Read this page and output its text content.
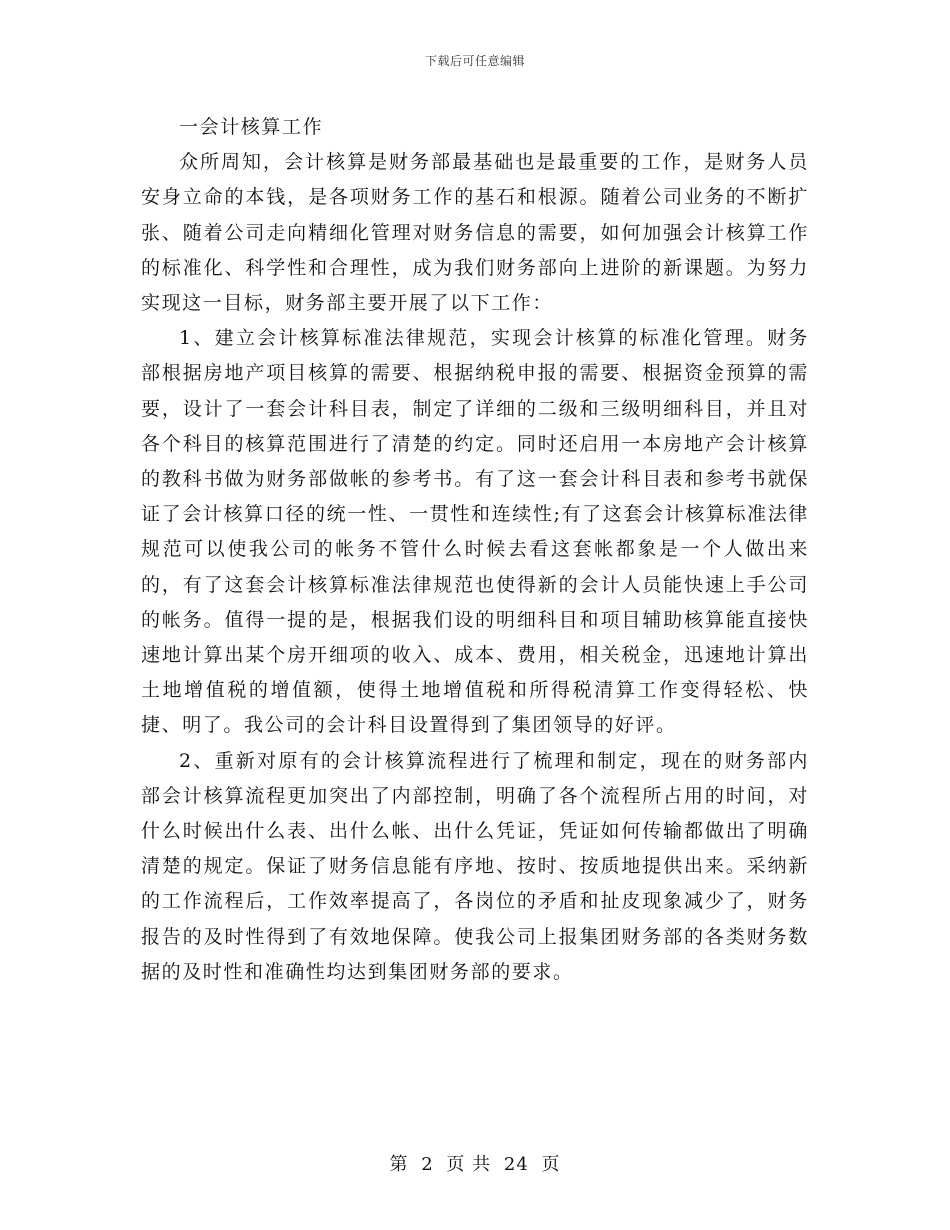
下载后可任意编辑

一会计核算工作

众所周知，会计核算是财务部最基础也是最重要的工作，是财务人员安身立命的本钱，是各项财务工作的基石和根源。随着公司业务的不断扩张、随着公司走向精细化管理对财务信息的需要，如何加强会计核算工作的标准化、科学性和合理性，成为我们财务部向上进阶的新课题。为努力实现这一目标，财务部主要开展了以下工作：

1、建立会计核算标准法律规范，实现会计核算的标准化管理。财务部根据房地产项目核算的需要、根据纳税申报的需要、根据资金预算的需要，设计了一套会计科目表，制定了详细的二级和三级明细科目，并且对各个科目的核算范围进行了清楚的约定。同时还启用一本房地产会计核算的教科书做为财务部做帐的参考书。有了这一套会计科目表和参考书就保证了会计核算口径的统一性、一贯性和连续性;有了这套会计核算标准法律规范可以使我公司的帐务不管什么时候去看这套帐都象是一个人做出来的，有了这套会计核算标准法律规范也使得新的会计人员能快速上手公司的帐务。值得一提的是，根据我们设的明细科目和项目辅助核算能直接快速地计算出某个房开细项的收入、成本、费用，相关税金，迅速地计算出土地增值税的增值额，使得土地增值税和所得税清算工作变得轻松、快捷、明了。我公司的会计科目设置得到了集团领导的好评。

2、重新对原有的会计核算流程进行了梳理和制定，现在的财务部内部会计核算流程更加突出了内部控制，明确了各个流程所占用的时间，对什么时候出什么表、出什么帐、出什么凭证，凭证如何传输都做出了明确清楚的规定。保证了财务信息能有序地、按时、按质地提供出来。采纳新的工作流程后，工作效率提高了，各岗位的矛盾和扯皮现象减少了，财务报告的及时性得到了有效地保障。使我公司上报集团财务部的各类财务数据的及时性和准确性均达到集团财务部的要求。

第 2 页 共 24 页
